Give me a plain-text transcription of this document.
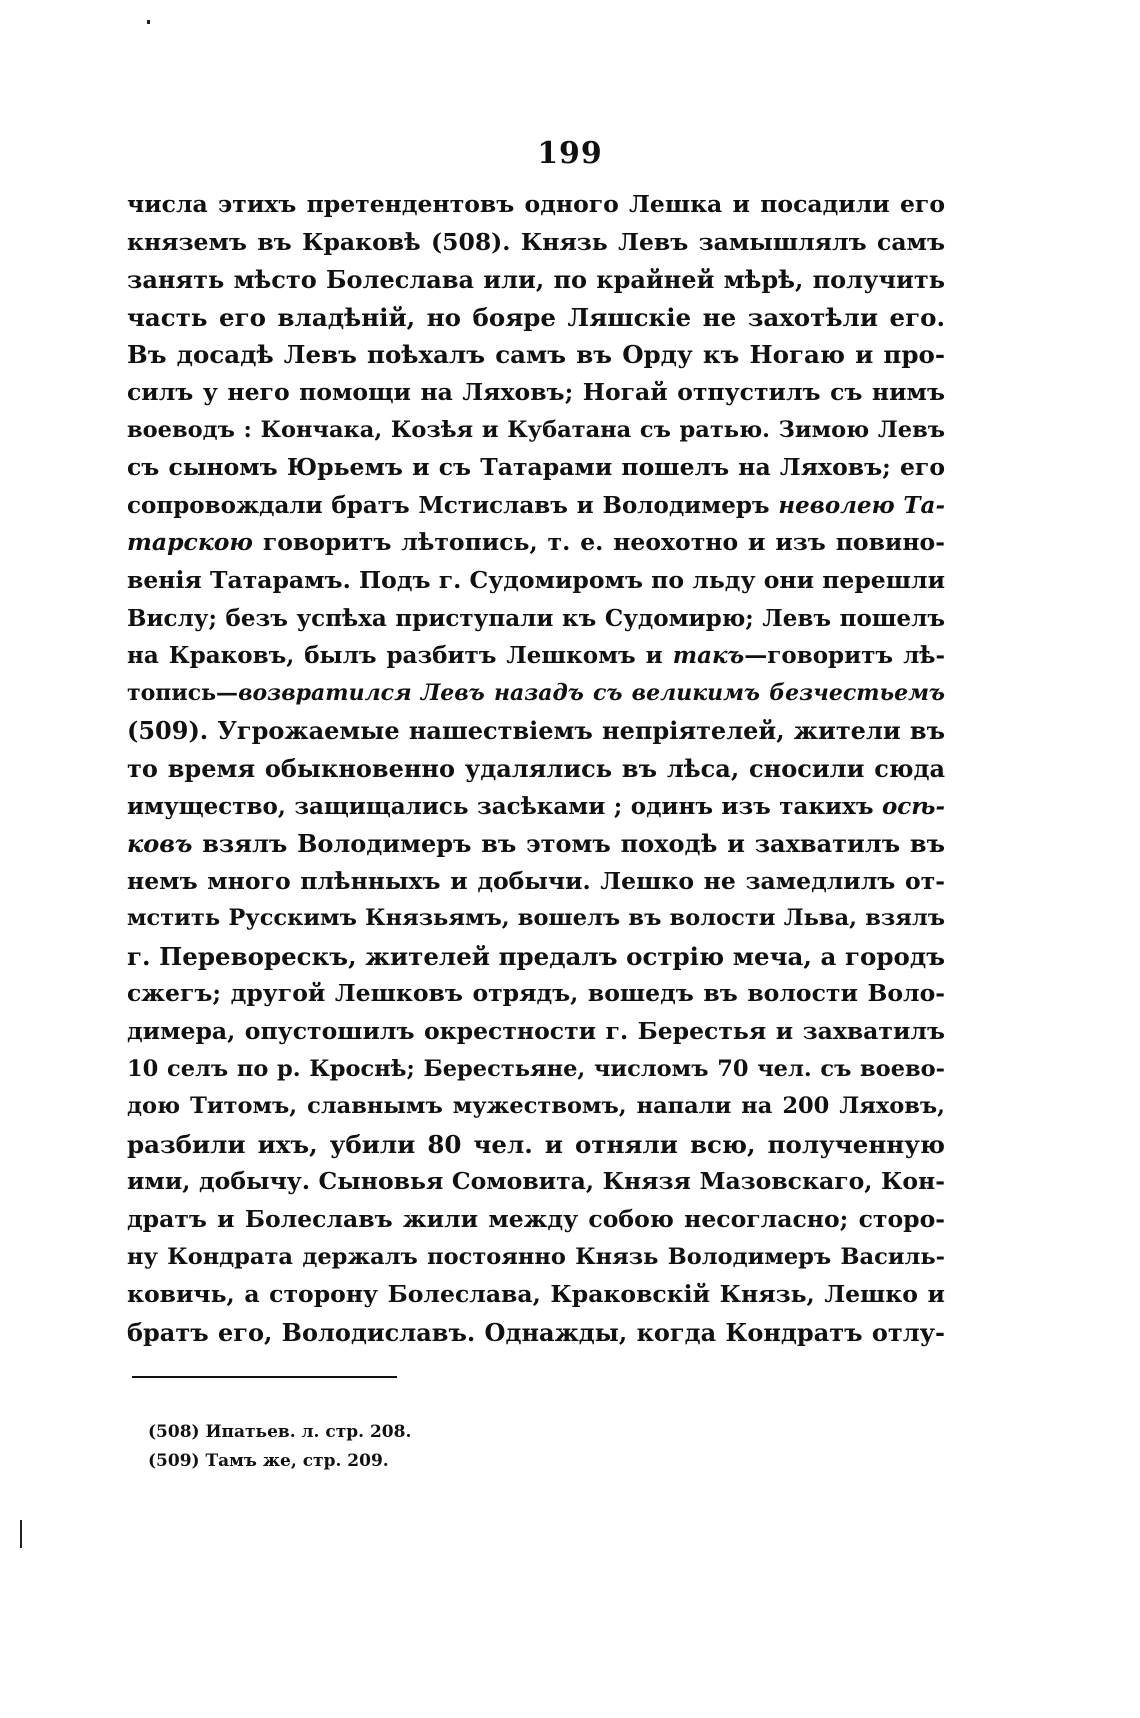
199
числа этихъ претендентовъ одного Лешка и посадили его
княземъ въ Краковѣ (508). Князь Левъ замышлялъ самъ
занять мѣсто Болеслава или, по крайней мѣрѣ, получить
часть его владѣній, но бояре Ляшскіе не захотѣли его.
Въ досадѣ Левъ поѣхалъ самъ въ Орду къ Ногаю и про-
силъ у него помощи на Ляховъ; Ногай отпустилъ съ нимъ
воеводъ : Кончака, Козѣя и Кубатана съ ратью. Зимою Левъ
съ сыномъ Юрьемъ и съ Татарами пошелъ на Ляховъ; его
сопровождали братъ Мстиславъ и Володимеръ неволею Та-
тарскою говоритъ лѣтопись, т. е. неохотно и изъ повино-
венія Татарамъ. Подъ г. Судомиромъ по льду они перешли
Вислу; безъ успѣха приступали къ Судомирю; Левъ пошелъ
на Краковъ, былъ разбитъ Лешкомъ и такъ—говоритъ лѣ-
топись—возвратился Левъ назадъ съ великимъ безчестьемъ
(509). Угрожаемые нашествіемъ непріятелей, жители въ
то время обыкновенно удалялись въ лѣса, сносили сюда
имущество, защищались засѣками ; одинъ изъ такихъ осѣ-
ковъ взялъ Володимеръ въ этомъ походѣ и захватилъ въ
немъ много плѣнныхъ и добычи. Лешко не замедлилъ от-
мстить Русскимъ Князьямъ, вошелъ въ волости Льва, взялъ
г. Переворескъ, жителей предалъ острію меча, а городъ
сжегъ; другой Лешковъ отрядъ, вошедъ въ волости Воло-
димера, опустошилъ окрестности г. Берестья и захватилъ
10 селъ по р. Кроснѣ; Берестьяне, числомъ 70 чел. съ воево-
дою Титомъ, славнымъ мужествомъ, напали на 200 Ляховъ,
разбили ихъ, убили 80 чел. и отняли всю, полученную
ими, добычу. Сыновья Сомовита, Князя Мазовскаго, Кон-
дратъ и Болеславъ жили между собою несогласно; сторо-
ну Кондрата держалъ постоянно Князь Володимеръ Василь-
ковичь, а сторону Болеслава, Краковскій Князь, Лешко и
братъ его, Володиславъ. Однажды, когда Кондратъ отлу-
(508) Ипатьев. л. стр. 208.
(509) Тамъ же, стр. 209.
